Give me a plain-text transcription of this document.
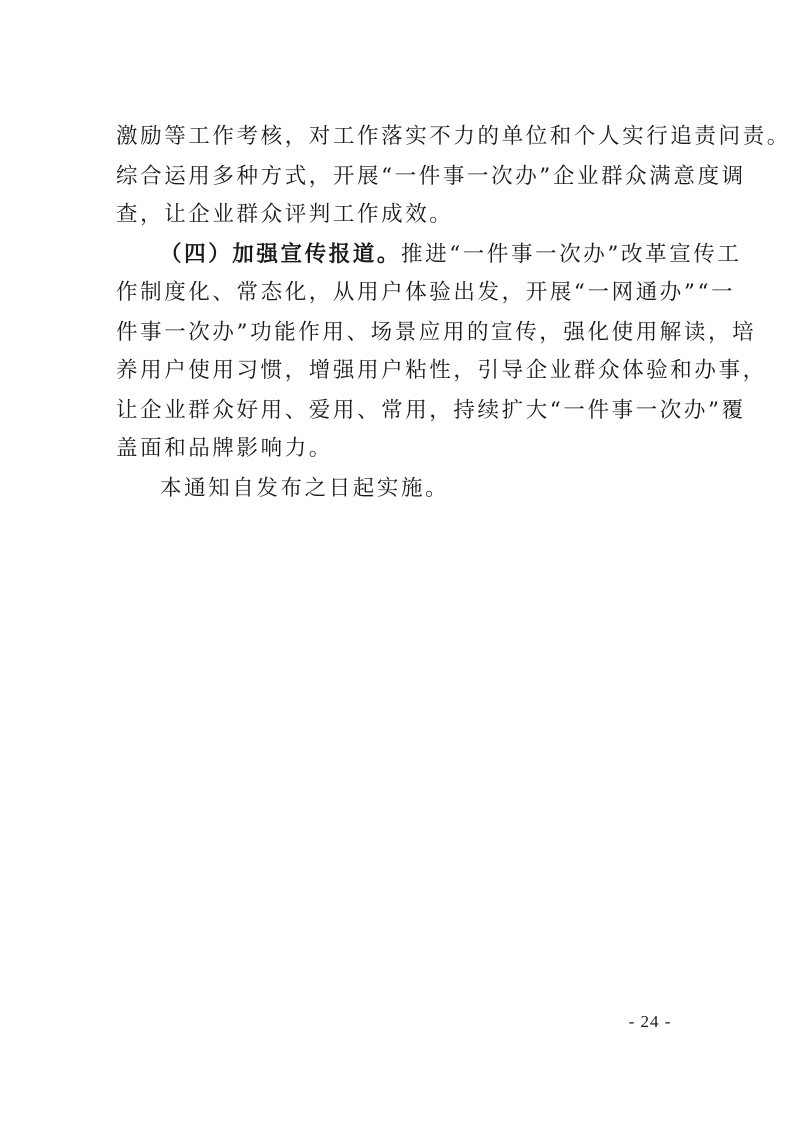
激励等工作考核，对工作落实不力的单位和个人实行追责问责。
综合运用多种方式，开展“一件事一次办”企业群众满意度调
查，让企业群众评判工作成效。
（四）加强宣传报道。推进“一件事一次办”改革宣传工
作制度化、常态化，从用户体验出发，开展“一网通办”“一
件事一次办”功能作用、场景应用的宣传，强化使用解读，培
养用户使用习惯，增强用户粘性，引导企业群众体验和办事，
让企业群众好用、爱用、常用，持续扩大“一件事一次办”覆
盖面和品牌影响力。
本通知自发布之日起实施。
- 24 -
